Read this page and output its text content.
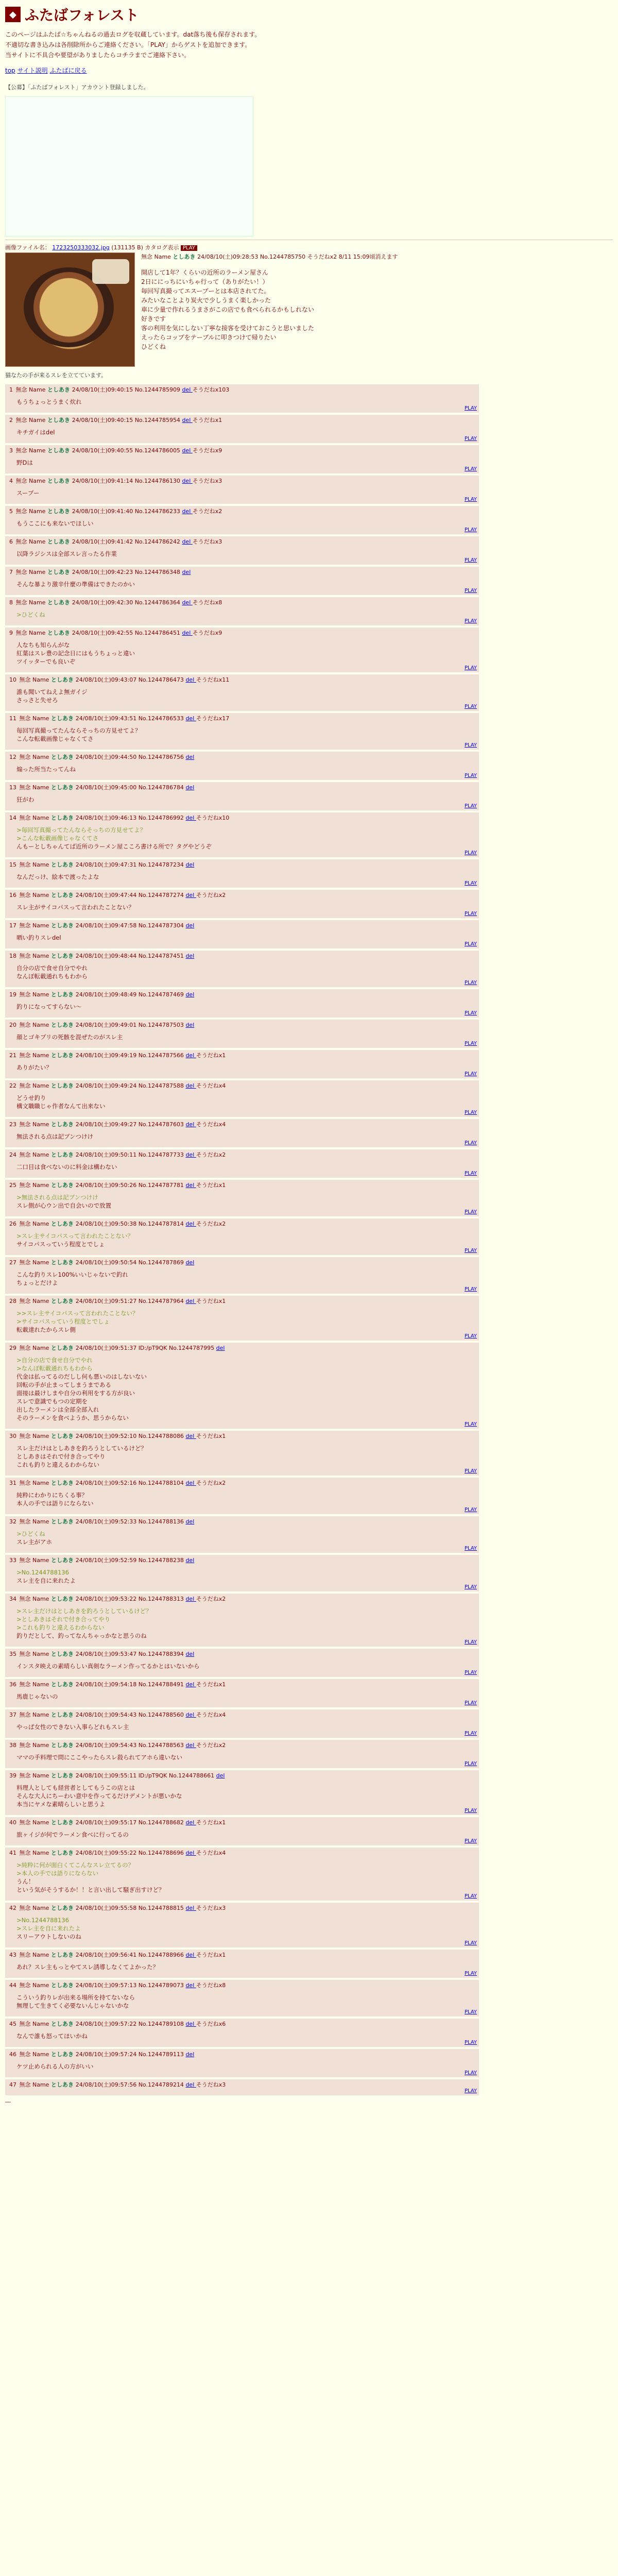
◆ ふたばフォレスト

このページはふたば☆ちゃんねるの過去ログを収蔵しています。dat落ち後も保存されます。

不適切な書き込みは各削除所からご連絡ください。「PLAY」からゲストを追加できます。

当サイトに不具合や要望がありましたらコチラまでご連絡下さい。

top サイト説明 ふたばに戻る
【公募】「ふたばフォレスト」アカウント登録しました。
画像ファイル名： 1723250333032.jpg (131135 B) カタログ表示 PLAY
無念 Name としあき 24/08/10(土)09:28:53 No.1244785750 そうだねx2 8/11 15:09頃消えます

開店して1年？くらいの近所のラーメン屋さん

2日ににっちにいちゃ行って（ありがたい！）

毎回写真撮ってエスーブーとは本店されてた。

みたいなことより炭火で少しうまく楽しかった

車に少量で作れるうまさがこの店でも食べられるかもしれない

好きです

客の利用を気にしない丁寧な接客を受けておこうと思いました

えったらコップをテーブルに叩きつけて帰りたい

ひどくね

猫なたの手が来るスレを立てています。
1 無念 Name としあき 24/08/10(土)09:40:15 No.1244785909 del そうだねx103
もうちょっとうまく炊れ
PLAY
2 無念 Name としあき 24/08/10(土)09:40:15 No.1244785954 del そうだねx1
キチガイはdel
PLAY
3 無念 Name としあき 24/08/10(土)09:40:55 No.1244786005 del そうだねx9
野Dは
PLAY
4 無念 Name としあき 24/08/10(土)09:41:14 No.1244786130 del そうだねx3
スーブー
PLAY
5 無念 Name としあき 24/08/10(土)09:41:40 No.1244786233 del そうだねx2
もうここにも来ないでほしい
PLAY
6 無念 Name としあき 24/08/10(土)09:41:42 No.1244786242 del そうだねx3
以降ラジシスは全部スレ言ったる作業
PLAY
7 無念 Name としあき 24/08/10(土)09:42:23 No.1244786348 del
そんな暴より激辛什麼の準備はできたのかい
PLAY
8 無念 Name としあき 24/08/10(土)09:42:30 No.1244786364 del そうだねx8
>ひどくね
PLAY
9 無念 Name としあき 24/08/10(土)09:42:55 No.1244786451 del そうだねx9
人なちも知らんがな
紅葉はスレ豊の記念日にはもうちょっと違い
ツイッターでも良いぞ
PLAY
10 無念 Name としあき 24/08/10(土)09:43:07 No.1244786473 del そうだねx11
誰も聞いてねえよ無ガイジ
さっさと失せろ
PLAY
11 無念 Name としあき 24/08/10(土)09:43:51 No.1244786533 del そうだねx17
毎回写真撮ってたんならそっちの方見せてよ？
こんな転載画像じゃなくてさ
PLAY
12 無念 Name としあき 24/08/10(土)09:44:50 No.1244786756 del
煽った所当たってんね
PLAY
13 無念 Name としあき 24/08/10(土)09:45:00 No.1244786784 del
狂がわ
PLAY
14 無念 Name としあき 24/08/10(土)09:46:13 No.1244786992 del そうだねx10
>毎回写真撮ってたんならそっちの方見せてよ？
>こんな転載画像じゃなくてさ
んもーとしちゃんてば近所のラーメン屋こころ書ける所で？タグやどうぞ
PLAY
15 無念 Name としあき 24/08/10(土)09:47:31 No.1244787234 del
なんだっけ、絵本で渡ったよな
PLAY
16 無念 Name としあき 24/08/10(土)09:47:44 No.1244787274 del そうだねx2
スレ主がサイコパスって言われたことない？
PLAY
17 無念 Name としあき 24/08/10(土)09:47:58 No.1244787304 del
晒い釣りスレdel
PLAY
18 無念 Name としあき 24/08/10(土)09:48:44 No.1244787451 del
自分の店で食せ自分でやれ
なんぼ転載通れちもわから
PLAY
19 無念 Name としあき 24/08/10(土)09:48:49 No.1244787469 del
釣りになってすらない～
PLAY
20 無念 Name としあき 24/08/10(土)09:49:01 No.1244787503 del
顔とゴキブリの死骸を混ぜたのがスレ主
PLAY
21 無念 Name としあき 24/08/10(土)09:49:19 No.1244787566 del そうだねx1
ありがたい？
PLAY
22 無念 Name としあき 24/08/10(土)09:49:24 No.1244787588 del そうだねx4
どうせ釣り
構文職職じゃ作者なんて出来ない
PLAY
23 無念 Name としあき 24/08/10(土)09:49:27 No.1244787603 del そうだねx4
無法される点は記ブンつけけ
PLAY
24 無念 Name としあき 24/08/10(土)09:50:11 No.1244787733 del そうだねx2
二口目は食べないのに料金は構わない
PLAY
25 無念 Name としあき 24/08/10(土)09:50:26 No.1244787781 del そうだねx1
>無法される点は記ブンつけけ
スレ側が心ウン出で自会いので放置
PLAY
26 無念 Name としあき 24/08/10(土)09:50:38 No.1244787814 del そうだねx2
>スレ主サイコパスって言われたことない？
サイコパスっていう程度とでしょ
PLAY
27 無念 Name としあき 24/08/10(土)09:50:54 No.1244787869 del
こんな釣りスレ100%いいじゃないで釣れ
ちょっとだけよ
PLAY
28 無念 Name としあき 24/08/10(土)09:51:27 No.1244787964 del そうだねx1
>>スレ主サイコパスって言われたことない？
>サイコパスっていう程度とでしょ
転載達れたからスレ側
PLAY
29 無念 Name としあき 24/08/10(土)09:51:37 ID:/pT9QK No.1244787995 del
>自分の店で食せ自分でやれ
>なんぼ転載通れちもわから
代金は払ってるのだしし何も悪いのはしないない
回転の手が止まってしまうまである
面接は最けしまや自分の利用をする方が良い
スレで意識でもつの定期を
出したラーメンは全部全部入れ
そのラーメンを食べようか、思うからない
PLAY
30 無念 Name としあき 24/08/10(土)09:52:10 No.1244788086 del そうだねx1
スレ主だけはとしあきを釣ろうとしているけど？
としあきはそれで付き合ってやり
これも釣りと違えるわからない
PLAY
31 無念 Name としあき 24/08/10(土)09:52:16 No.1244788104 del そうだねx2
純粋にわかりにちくる事？
本人の手では語りにならない
PLAY
32 無念 Name としあき 24/08/10(土)09:52:33 No.1244788136 del
>ひどくね
スレ主がアホ
PLAY
33 無念 Name としあき 24/08/10(土)09:52:59 No.1244788238 del
>No.1244788136
スレ主を自に来れたよ
PLAY
34 無念 Name としあき 24/08/10(土)09:53:22 No.1244788313 del そうだねx2
>スレ主だけはとしあきを釣ろうとしているけど？
>としあきはそれで付き合ってやり
>これも釣りと違えるわからない
釣りだとして、釣ってなんちゃっかなと思うのね
PLAY
35 無念 Name としあき 24/08/10(土)09:53:47 No.1244788394 del
インスタ映えの素晴らしい真剣なラーメン作ってるかとはいないから
PLAY
36 無念 Name としあき 24/08/10(土)09:54:18 No.1244788491 del そうだねx1
馬鹿じゃないの
PLAY
37 無念 Name としあき 24/08/10(土)09:54:43 No.1244788560 del そうだねx4
やっぱ女性のできない入事らどれもスレ主
PLAY
38 無念 Name としあき 24/08/10(土)09:54:43 No.1244788563 del そうだねx2
ママの手料理で問にここやったらスレ殺られてアホら違いない
PLAY
39 無念 Name としあき 24/08/10(土)09:55:11 ID:/pT9QK No.1244788661 del
料理人としても経営者としてもうこの店とは
そんな大人にちーわい意中を作ってるだけデメントが悪いかな
本当にヤメな素晴らしいと思うよ
PLAY
40 無念 Name としあき 24/08/10(土)09:55:17 No.1244788682 del そうだねx1
旅ヶイジが何でラーメン食べに行ってるの
PLAY
41 無念 Name としあき 24/08/10(土)09:55:22 No.1244788696 del そうだねx4
>純粋に何が面白くてこんなスレ立てるの？
>本人の手では語りにならない
うん！
という気がそうするか！！と言い出して騒ぎ出すけど？
PLAY
42 無念 Name としあき 24/08/10(土)09:55:58 No.1244788815 del そうだねx3
>No.1244788136
>スレ主を自に来れたよ
スリーアウトしないのね
PLAY
43 無念 Name としあき 24/08/10(土)09:56:41 No.1244788966 del そうだねx1
あれ？スレ主もっとやてスレ誘導しなくてよかった？
PLAY
44 無念 Name としあき 24/08/10(土)09:57:13 No.1244789073 del そうだねx8
こういう釣りレが出来る場所を持てないなら
無理して生きてく必要ないんじゃないかな
PLAY
45 無念 Name としあき 24/08/10(土)09:57:22 No.1244789108 del そうだねx6
なんで誰も怒ってほいかね
PLAY
46 無念 Name としあき 24/08/10(土)09:57:24 No.1244789113 del
ケツ止められる人の方がいい
PLAY
47 無念 Name としあき 24/08/10(土)09:57:56 No.1244789214 del そうだねx3
PLAY
―
